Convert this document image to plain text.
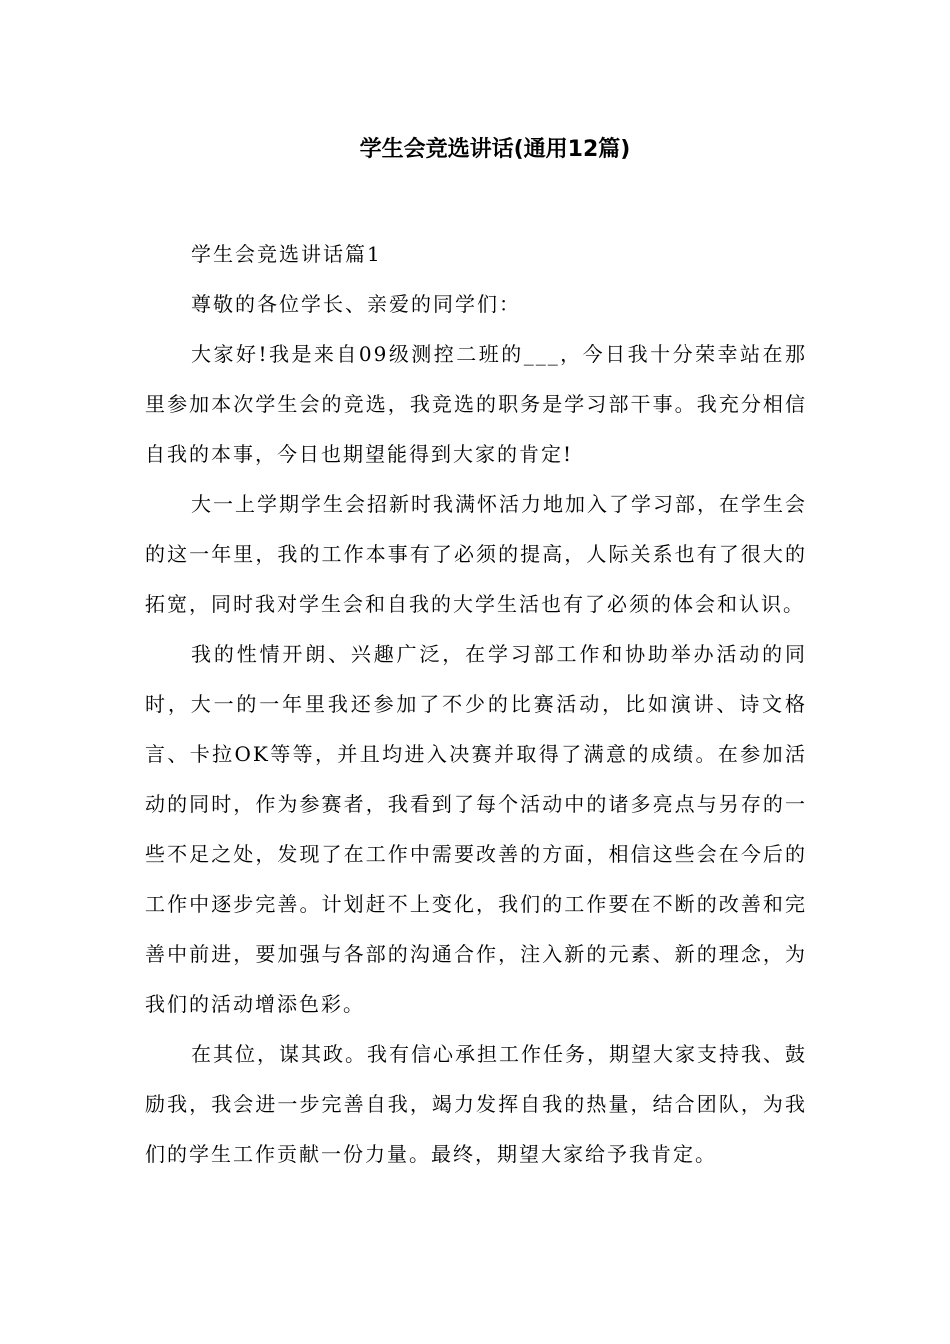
学生会竞选讲话(通用12篇)

学生会竞选讲话篇1

尊敬的各位学长、亲爱的同学们：

大家好!我是来自09级测控二班的___，今日我十分荣幸站在那里参加本次学生会的竞选，我竞选的职务是学习部干事。我充分相信自我的本事，今日也期望能得到大家的肯定!

大一上学期学生会招新时我满怀活力地加入了学习部，在学生会的这一年里，我的工作本事有了必须的提高，人际关系也有了很大的拓宽，同时我对学生会和自我的大学生活也有了必须的体会和认识。

我的性情开朗、兴趣广泛，在学习部工作和协助举办活动的同时，大一的一年里我还参加了不少的比赛活动，比如演讲、诗文格言、卡拉OK等等，并且均进入决赛并取得了满意的成绩。在参加活动的同时，作为参赛者，我看到了每个活动中的诸多亮点与另存的一些不足之处，发现了在工作中需要改善的方面，相信这些会在今后的工作中逐步完善。计划赶不上变化，我们的工作要在不断的改善和完善中前进，要加强与各部的沟通合作，注入新的元素、新的理念，为我们的活动增添色彩。

在其位，谋其政。我有信心承担工作任务，期望大家支持我、鼓励我，我会进一步完善自我，竭力发挥自我的热量，结合团队，为我们的学生工作贡献一份力量。最终，期望大家给予我肯定。
